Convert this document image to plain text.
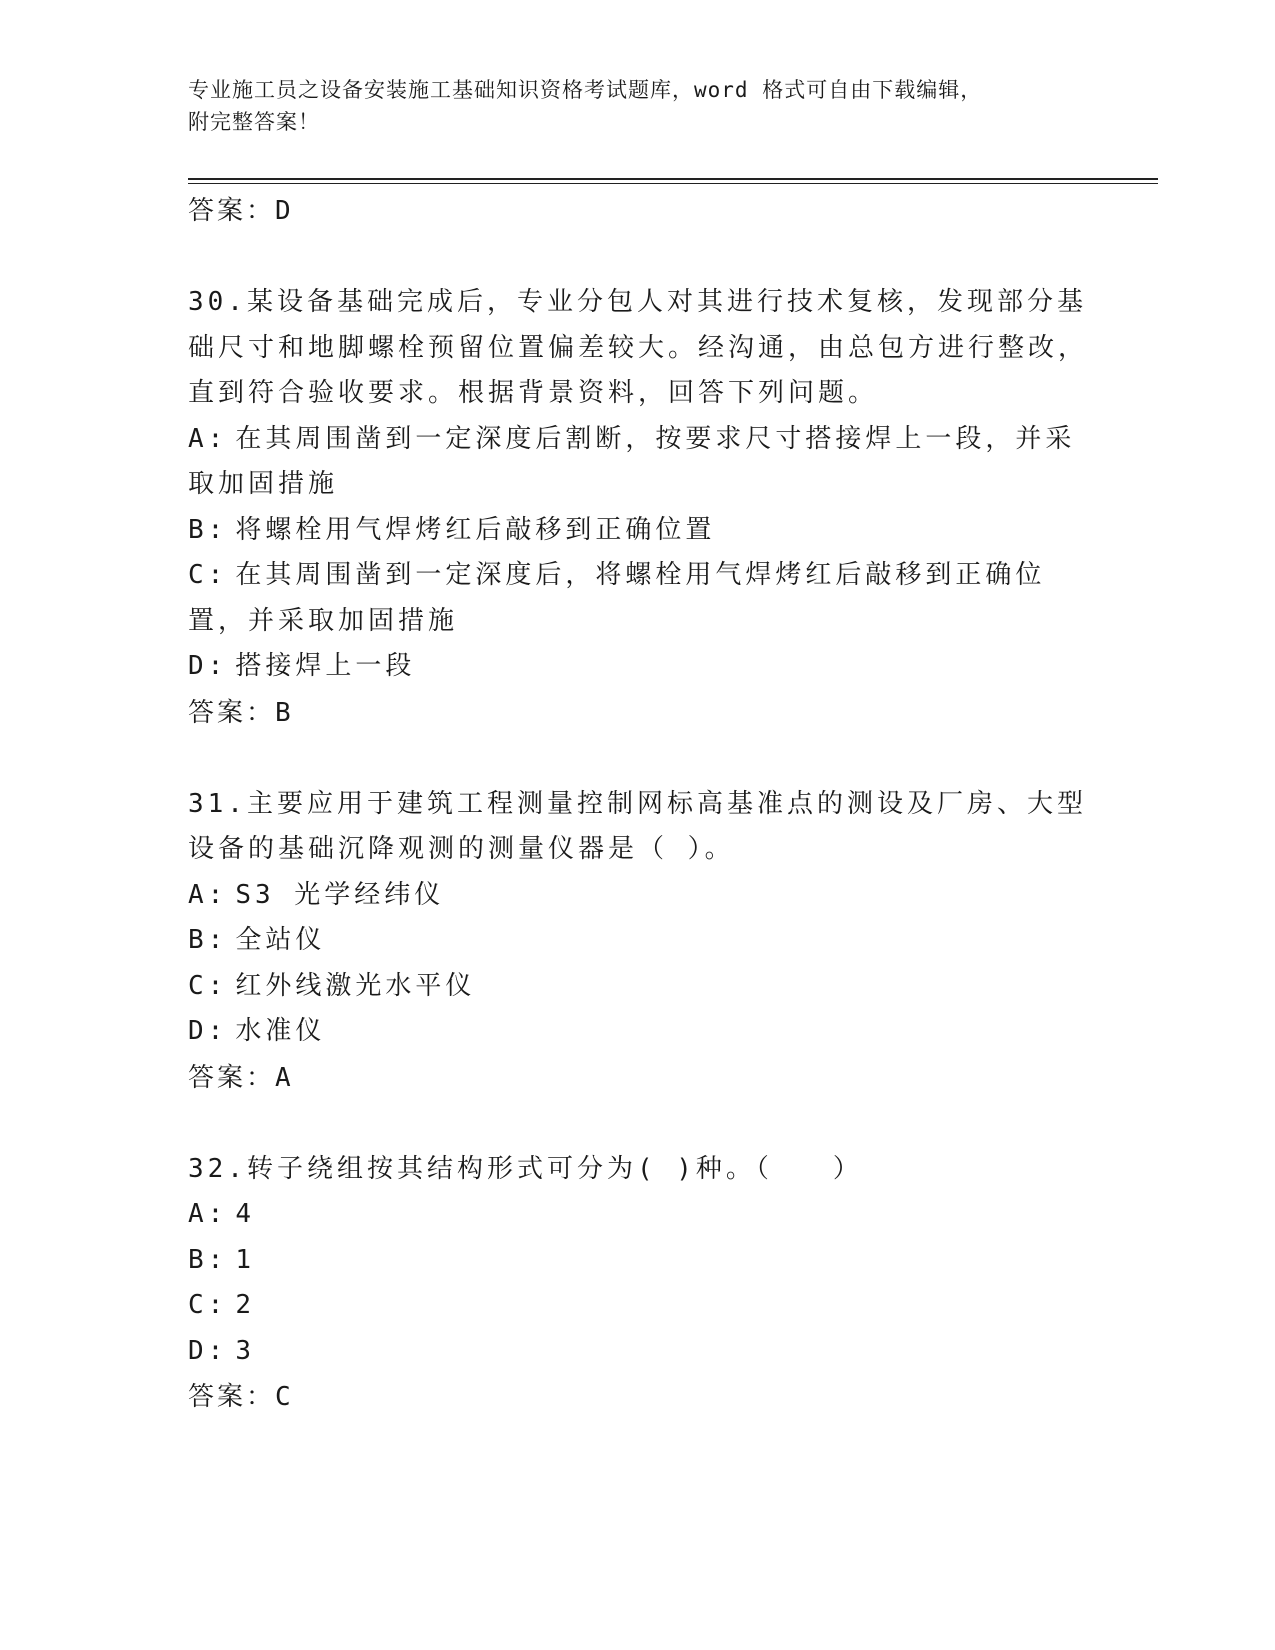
专业施工员之设备安装施工基础知识资格考试题库，word 格式可自由下载编辑，
附完整答案！
答案：D
30.某设备基础完成后，专业分包人对其进行技术复核，发现部分基础尺寸和地脚螺栓预留位置偏差较大。经沟通，由总包方进行整改，直到符合验收要求。根据背景资料，回答下列问题。
A: 在其周围凿到一定深度后割断，按要求尺寸搭接焊上一段，并采取加固措施
B: 将螺栓用气焊烤红后敲移到正确位置
C: 在其周围凿到一定深度后，将螺栓用气焊烤红后敲移到正确位置，并采取加固措施
D: 搭接焊上一段
答案：B
31.主要应用于建筑工程测量控制网标高基准点的测设及厂房、大型设备的基础沉降观测的测量仪器是（ ）。
A: S3 光学经纬仪
B: 全站仪
C: 红外线激光水平仪
D: 水准仪
答案：A
32.转子绕组按其结构形式可分为( )种。（　　）
A: 4
B: 1
C: 2
D: 3
答案：C
